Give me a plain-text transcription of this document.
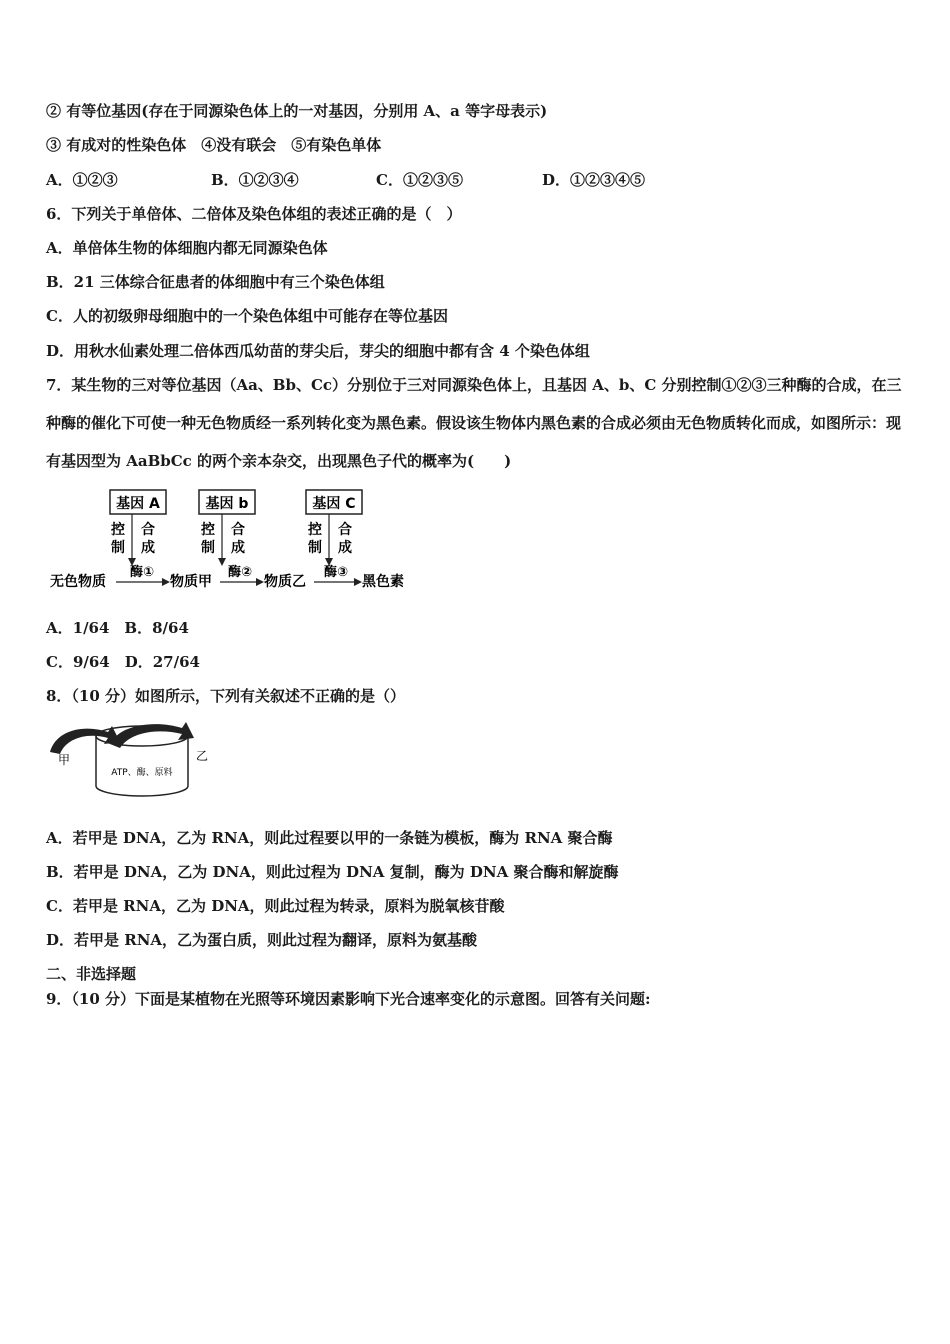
② 有等位基因(存在于同源染色体上的一对基因，分别用 A、a 等字母表示)
③ 有成对的性染色体　④没有联会　⑤有染色单体
A．①②③	B．①②③④	C．①②③⑤	D．①②③④⑤
6．下列关于单倍体、二倍体及染色体组的表述正确的是（　）
A．单倍体生物的体细胞内都无同源染色体
B．21 三体综合征患者的体细胞中有三个染色体组
C．人的初级卵母细胞中的一个染色体组中可能存在等位基因
D．用秋水仙素处理二倍体西瓜幼苗的芽尖后，芽尖的细胞中都有含 4 个染色体组
7．某生物的三对等位基因（Aa、Bb、Cc）分别位于三对同源染色体上，且基因 A、b、C 分别控制①②③三种酶的合成，在三种酶的催化下可使一种无色物质经一系列转化变为黑色素。假设该生物体内黑色素的合成必须由无色物质转化而成，如图所示：现有基因型为 AaBbCc 的两个亲本杂交，出现黑色子代的概率为(　　)
基因 A	基因 b	基因 C
控
制
合
成
控
制
合
成
控
制
合
成
无色物质
酶①
物质甲
酶②
物质乙
酶③
黑色素
A．1/64　B．8/64
C．9/64　D．27/64
8．（10 分）如图所示，下列有关叙述不正确的是（）
甲	乙
ATP、酶、原料
A．若甲是 DNA，乙为 RNA，则此过程要以甲的一条链为模板，酶为 RNA 聚合酶
B．若甲是 DNA，乙为 DNA，则此过程为 DNA 复制，酶为 DNA 聚合酶和解旋酶
C．若甲是 RNA，乙为 DNA，则此过程为转录，原料为脱氧核苷酸
D．若甲是 RNA，乙为蛋白质，则此过程为翻译，原料为氨基酸
二、非选择题
9．（10 分）下面是某植物在光照等环境因素影响下光合速率变化的示意图。回答有关问题:
